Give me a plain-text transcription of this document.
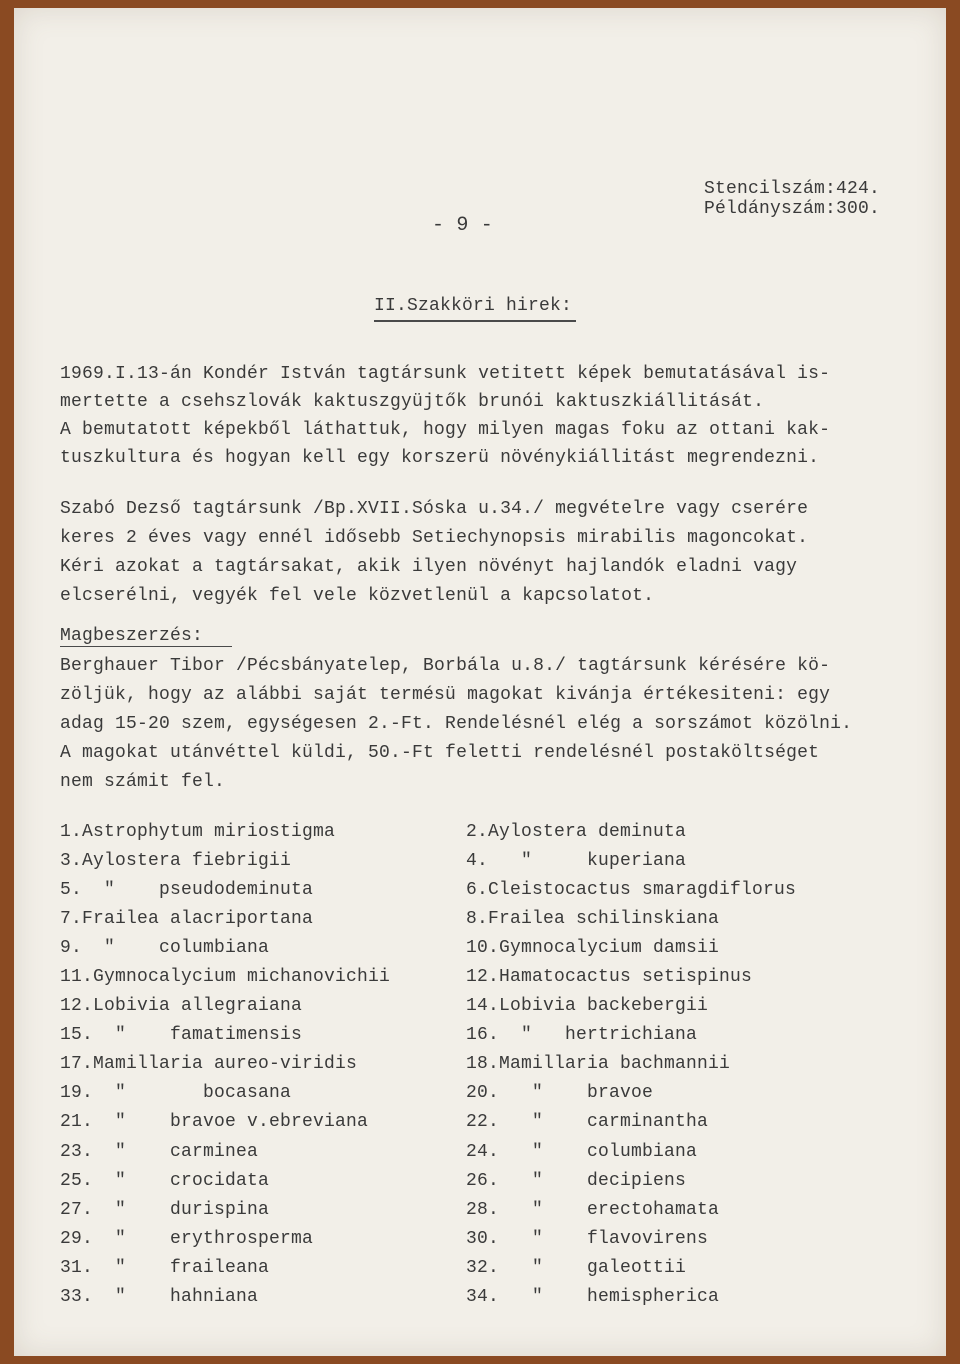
Stencilszám:424.
Példányszám:300.
- 9 -
II.Szakköri hirek:
1969.I.13-án Kondér István tagtársunk vetitett képek bemutatásával is-
mertette a csehszlovák kaktuszgyüjtők brunói kaktuszkiállitását.
A bemutatott képekből láthattuk, hogy milyen magas foku az ottani kak-
tuszkultura és hogyan kell egy korszerü növénykiállitást megrendezni.
Szabó Dezső tagtársunk /Bp.XVII.Sóska u.34./ megvételre vagy cserére
keres 2 éves vagy ennél idősebb Setiechynopsis mirabilis magoncokat.
Kéri azokat a tagtársakat, akik ilyen növényt hajlandók eladni vagy
elcserélni, vegyék fel vele közvetlenül a kapcsolatot.
Magbeszerzés:
Berghauer Tibor /Pécsbányatelep, Borbála u.8./ tagtársunk kérésére kö-
zöljük, hogy az alábbi saját termésü magokat kivánja értékesiteni: egy
adag 15-20 szem, egységesen 2.-Ft. Rendelésnél elég a sorszámot közölni.
A magokat utánvéttel küldi, 50.-Ft feletti rendelésnél postaköltséget
nem számit fel.
1.Astrophytum miriostigma
3.Aylostera fiebrigii
5.  "    pseudodeminuta
7.Frailea alacriportana
9.  "    columbiana
11.Gymnocalycium michanovichii
12.Lobivia allegraiana
15.  "    famatimensis
17.Mamillaria aureo-viridis
19.  "       bocasana
21.  "    bravoe v.ebreviana
23.  "    carminea
25.  "    crocidata
27.  "    durispina
29.  "    erythrosperma
31.  "    fraileana
33.  "    hahniana
2.Aylostera deminuta
4.   "     kuperiana
6.Cleistocactus smaragdiflorus
8.Frailea schilinskiana
10.Gymnocalycium damsii
12.Hamatocactus setispinus
14.Lobivia backebergii
16.  "   hertrichiana
18.Mamillaria bachmannii
20.   "    bravoe
22.   "    carminantha
24.   "    columbiana
26.   "    decipiens
28.   "    erectohamata
30.   "    flavovirens
32.   "    galeottii
34.   "    hemispherica
